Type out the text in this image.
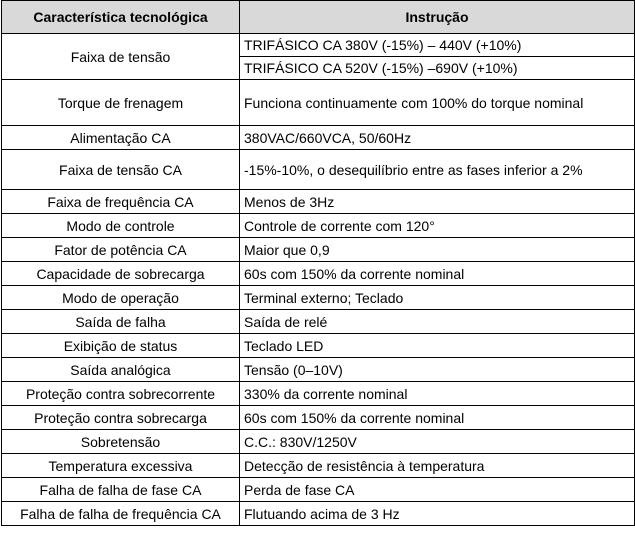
Característica tecnológica	Instrução
Faixa de tensão	TRIFÁSICO CA 380V (-15%) – 440V (+10%)
	TRIFÁSICO CA 520V (-15%) –690V (+10%)
Torque de frenagem	Funciona continuamente com 100% do torque nominal
Alimentação CA	380VAC/660VCA, 50/60Hz
Faixa de tensão CA	-15%-10%, o desequilíbrio entre as fases inferior a 2%
Faixa de frequência CA	Menos de 3Hz
Modo de controle	Controle de corrente com 120°
Fator de potência CA	Maior que 0,9
Capacidade de sobrecarga	60s com 150% da corrente nominal
Modo de operação	Terminal externo; Teclado
Saída de falha	Saída de relé
Exibição de status	Teclado LED
Saída analógica	Tensão (0–10V)
Proteção contra sobrecorrente	330% da corrente nominal
Proteção contra sobrecarga	60s com 150% da corrente nominal
Sobretensão	C.C.: 830V/1250V
Temperatura excessiva	Detecção de resistência à temperatura
Falha de falha de fase CA	Perda de fase CA
Falha de falha de frequência CA	Flutuando acima de 3 Hz
